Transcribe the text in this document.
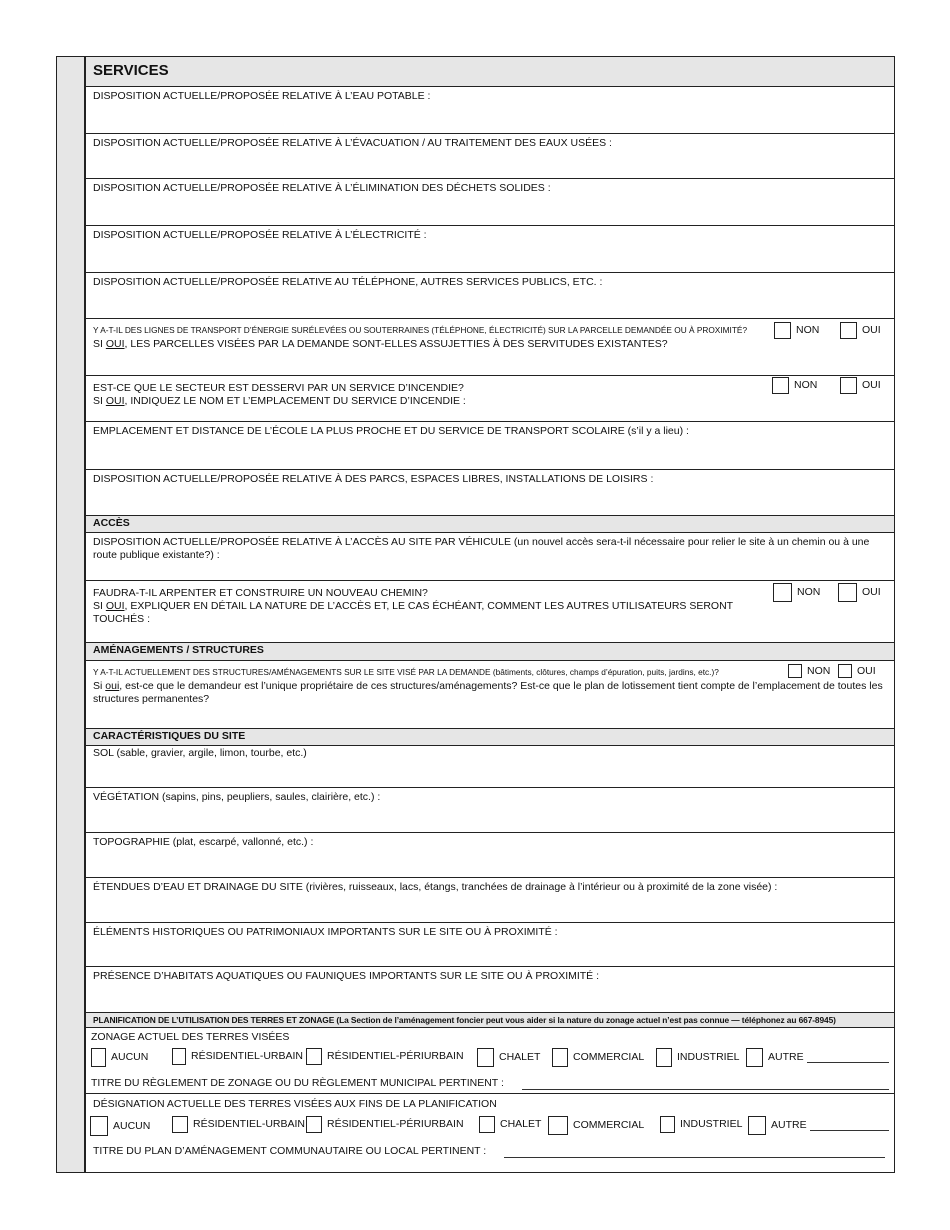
SERVICES
DISPOSITION ACTUELLE/PROPOSÉE RELATIVE À L’EAU POTABLE :
DISPOSITION ACTUELLE/PROPOSÉE RELATIVE À L’ÉVACUATION / AU TRAITEMENT DES EAUX USÉES :
DISPOSITION ACTUELLE/PROPOSÉE RELATIVE À L’ÉLIMINATION DES DÉCHETS SOLIDES :
DISPOSITION ACTUELLE/PROPOSÉE RELATIVE À L’ÉLECTRICITÉ :
DISPOSITION ACTUELLE/PROPOSÉE RELATIVE AU TÉLÉPHONE, AUTRES SERVICES PUBLICS, ETC. :
Y A-T-IL DES LIGNES DE TRANSPORT D’ÉNERGIE SURÉLEVÉES OU SOUTERRAINES (TÉLÉPHONE, ÉLECTRICITÉ) SUR LA PARCELLE DEMANDÉE OU À PROXIMITÉ?
SI OUI, LES PARCELLES VISÉES PAR LA DEMANDE SONT-ELLES ASSUJETTIES À DES SERVITUDES EXISTANTES?
NON	OUI
EST-CE QUE LE SECTEUR EST DESSERVI PAR UN SERVICE D’INCENDIE?
SI OUI, INDIQUEZ LE NOM ET L’EMPLACEMENT DU SERVICE D’INCENDIE :
NON	OUI
EMPLACEMENT ET DISTANCE DE L’ÉCOLE LA PLUS PROCHE ET DU SERVICE DE TRANSPORT SCOLAIRE (s’il y a lieu) :
DISPOSITION ACTUELLE/PROPOSÉE RELATIVE À DES PARCS, ESPACES LIBRES, INSTALLATIONS DE LOISIRS :
ACCÈS
DISPOSITION ACTUELLE/PROPOSÉE RELATIVE À L’ACCÈS AU SITE PAR VÉHICULE (un nouvel accès sera-t-il nécessaire pour relier le site à un chemin ou à une route publique existante?) :
FAUDRA-T-IL ARPENTER ET CONSTRUIRE UN NOUVEAU CHEMIN?
SI OUI, EXPLIQUER EN DÉTAIL LA NATURE DE L’ACCÈS ET, LE CAS ÉCHÉANT, COMMENT LES AUTRES UTILISATEURS SERONT TOUCHÉS :
NON	OUI
AMÉNAGEMENTS / STRUCTURES
Y A-T-IL ACTUELLEMENT DES STRUCTURES/AMÉNAGEMENTS SUR LE SITE VISÉ PAR LA DEMANDE (bâtiments, clôtures, champs d’épuration, puits, jardins, etc.)?
Si oui, est-ce que le demandeur est l’unique propriétaire de ces structures/aménagements? Est-ce que le plan de lotissement tient compte de l’emplacement de toutes les structures permanentes?
NON	OUI
CARACTÉRISTIQUES DU SITE
SOL (sable, gravier, argile, limon, tourbe, etc.)
VÉGÉTATION (sapins, pins, peupliers, saules, clairière, etc.) :
TOPOGRAPHIE (plat, escarpé, vallonné, etc.) :
ÉTENDUES D’EAU ET DRAINAGE DU SITE (rivières, ruisseaux, lacs, étangs, tranchées de drainage à l’intérieur ou à proximité de la zone visée) :
ÉLÉMENTS HISTORIQUES OU PATRIMONIAUX IMPORTANTS SUR LE SITE OU À PROXIMITÉ :
PRÉSENCE D’HABITATS AQUATIQUES OU FAUNIQUES IMPORTANTS SUR LE SITE OU À PROXIMITÉ :
PLANIFICATION DE L’UTILISATION DES TERRES ET ZONAGE (La Section de l’aménagement foncier peut vous aider si la nature du zonage actuel n’est pas connue — téléphonez au 667-8945)
ZONAGE ACTUEL DES TERRES VISÉES
AUCUN	RÉSIDENTIEL-URBAIN RÉSIDENTIEL-PÉRIURBAIN	CHALET	COMMERCIAL	INDUSTRIEL	AUTRE
TITRE DU RÈGLEMENT DE ZONAGE OU DU RÈGLEMENT MUNICIPAL PERTINENT :
DÉSIGNATION ACTUELLE DES TERRES VISÉES AUX FINS DE LA PLANIFICATION
AUCUN	RÉSIDENTIEL-URBAIN RÉSIDENTIEL-PÉRIURBAIN	CHALET	COMMERCIAL	INDUSTRIEL	AUTRE
TITRE DU PLAN D’AMÉNAGEMENT COMMUNAUTAIRE OU LOCAL PERTINENT :
